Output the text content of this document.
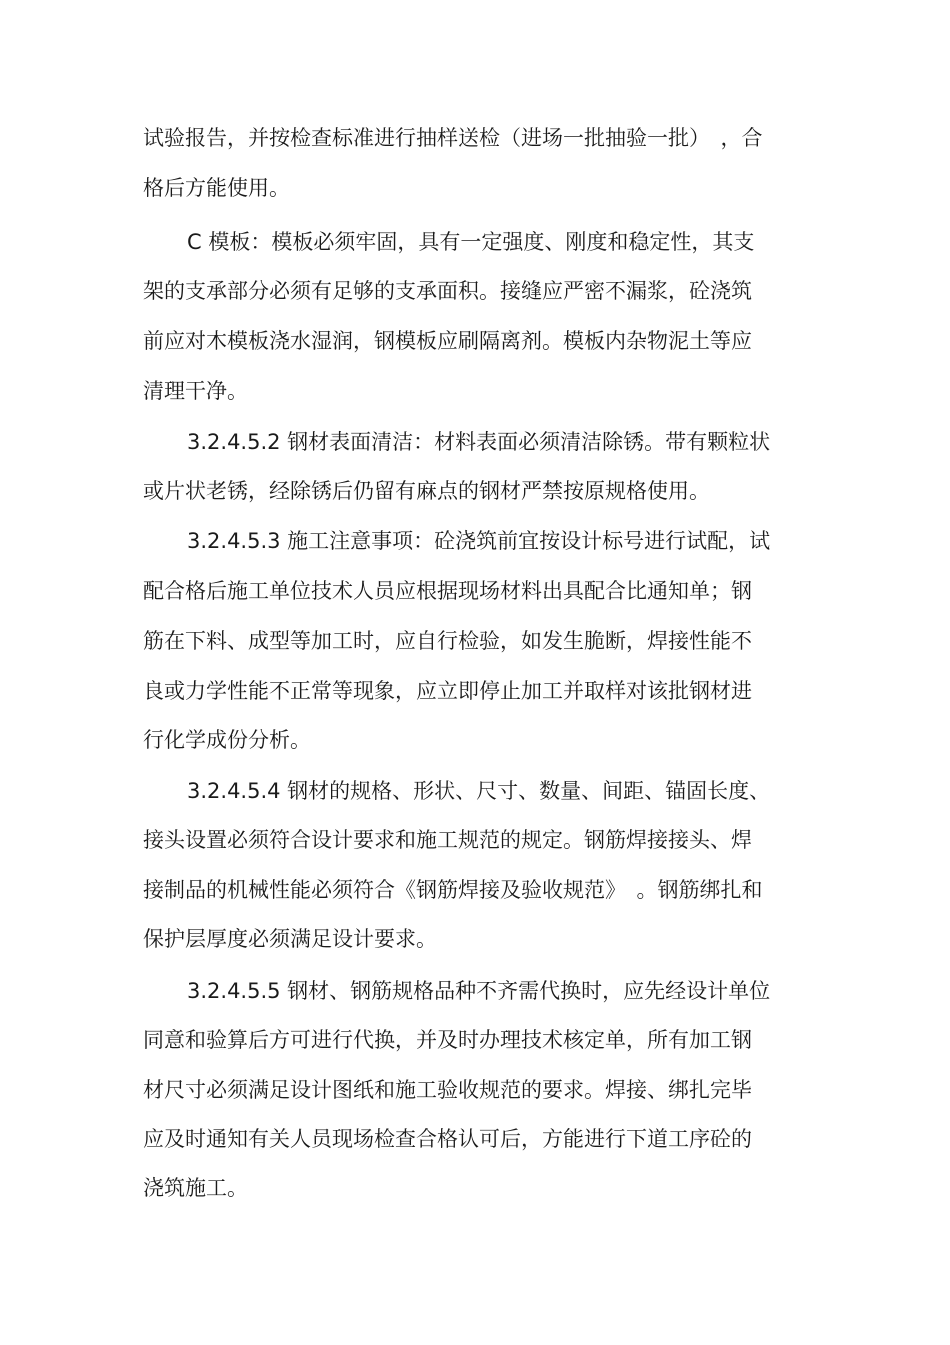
试验报告，并按检查标准进行抽样送检（进场一批抽验一批）　，合
格后方能使用。
C 模板：模板必须牢固，具有一定强度、刚度和稳定性，其支
架的支承部分必须有足够的支承面积。接缝应严密不漏浆，砼浇筑
前应对木模板浇水湿润，钢模板应刷隔离剂。模板内杂物泥土等应
清理干净。
3.2.4.5.2 钢材表面清洁：材料表面必须清洁除锈。带有颗粒状
或片状老锈，经除锈后仍留有麻点的钢材严禁按原规格使用。
3.2.4.5.3 施工注意事项：砼浇筑前宜按设计标号进行试配，试
配合格后施工单位技术人员应根据现场材料出具配合比通知单；钢
筋在下料、成型等加工时，应自行检验，如发生脆断，焊接性能不
良或力学性能不正常等现象，应立即停止加工并取样对该批钢材进
行化学成份分析。
3.2.4.5.4 钢材的规格、形状、尺寸、数量、间距、锚固长度、
接头设置必须符合设计要求和施工规范的规定。钢筋焊接接头、焊
接制品的机械性能必须符合《钢筋焊接及验收规范》　。钢筋绑扎和
保护层厚度必须满足设计要求。
3.2.4.5.5 钢材、钢筋规格品种不齐需代换时，应先经设计单位
同意和验算后方可进行代换，并及时办理技术核定单，所有加工钢
材尺寸必须满足设计图纸和施工验收规范的要求。焊接、绑扎完毕
应及时通知有关人员现场检查合格认可后，方能进行下道工序砼的
浇筑施工。
